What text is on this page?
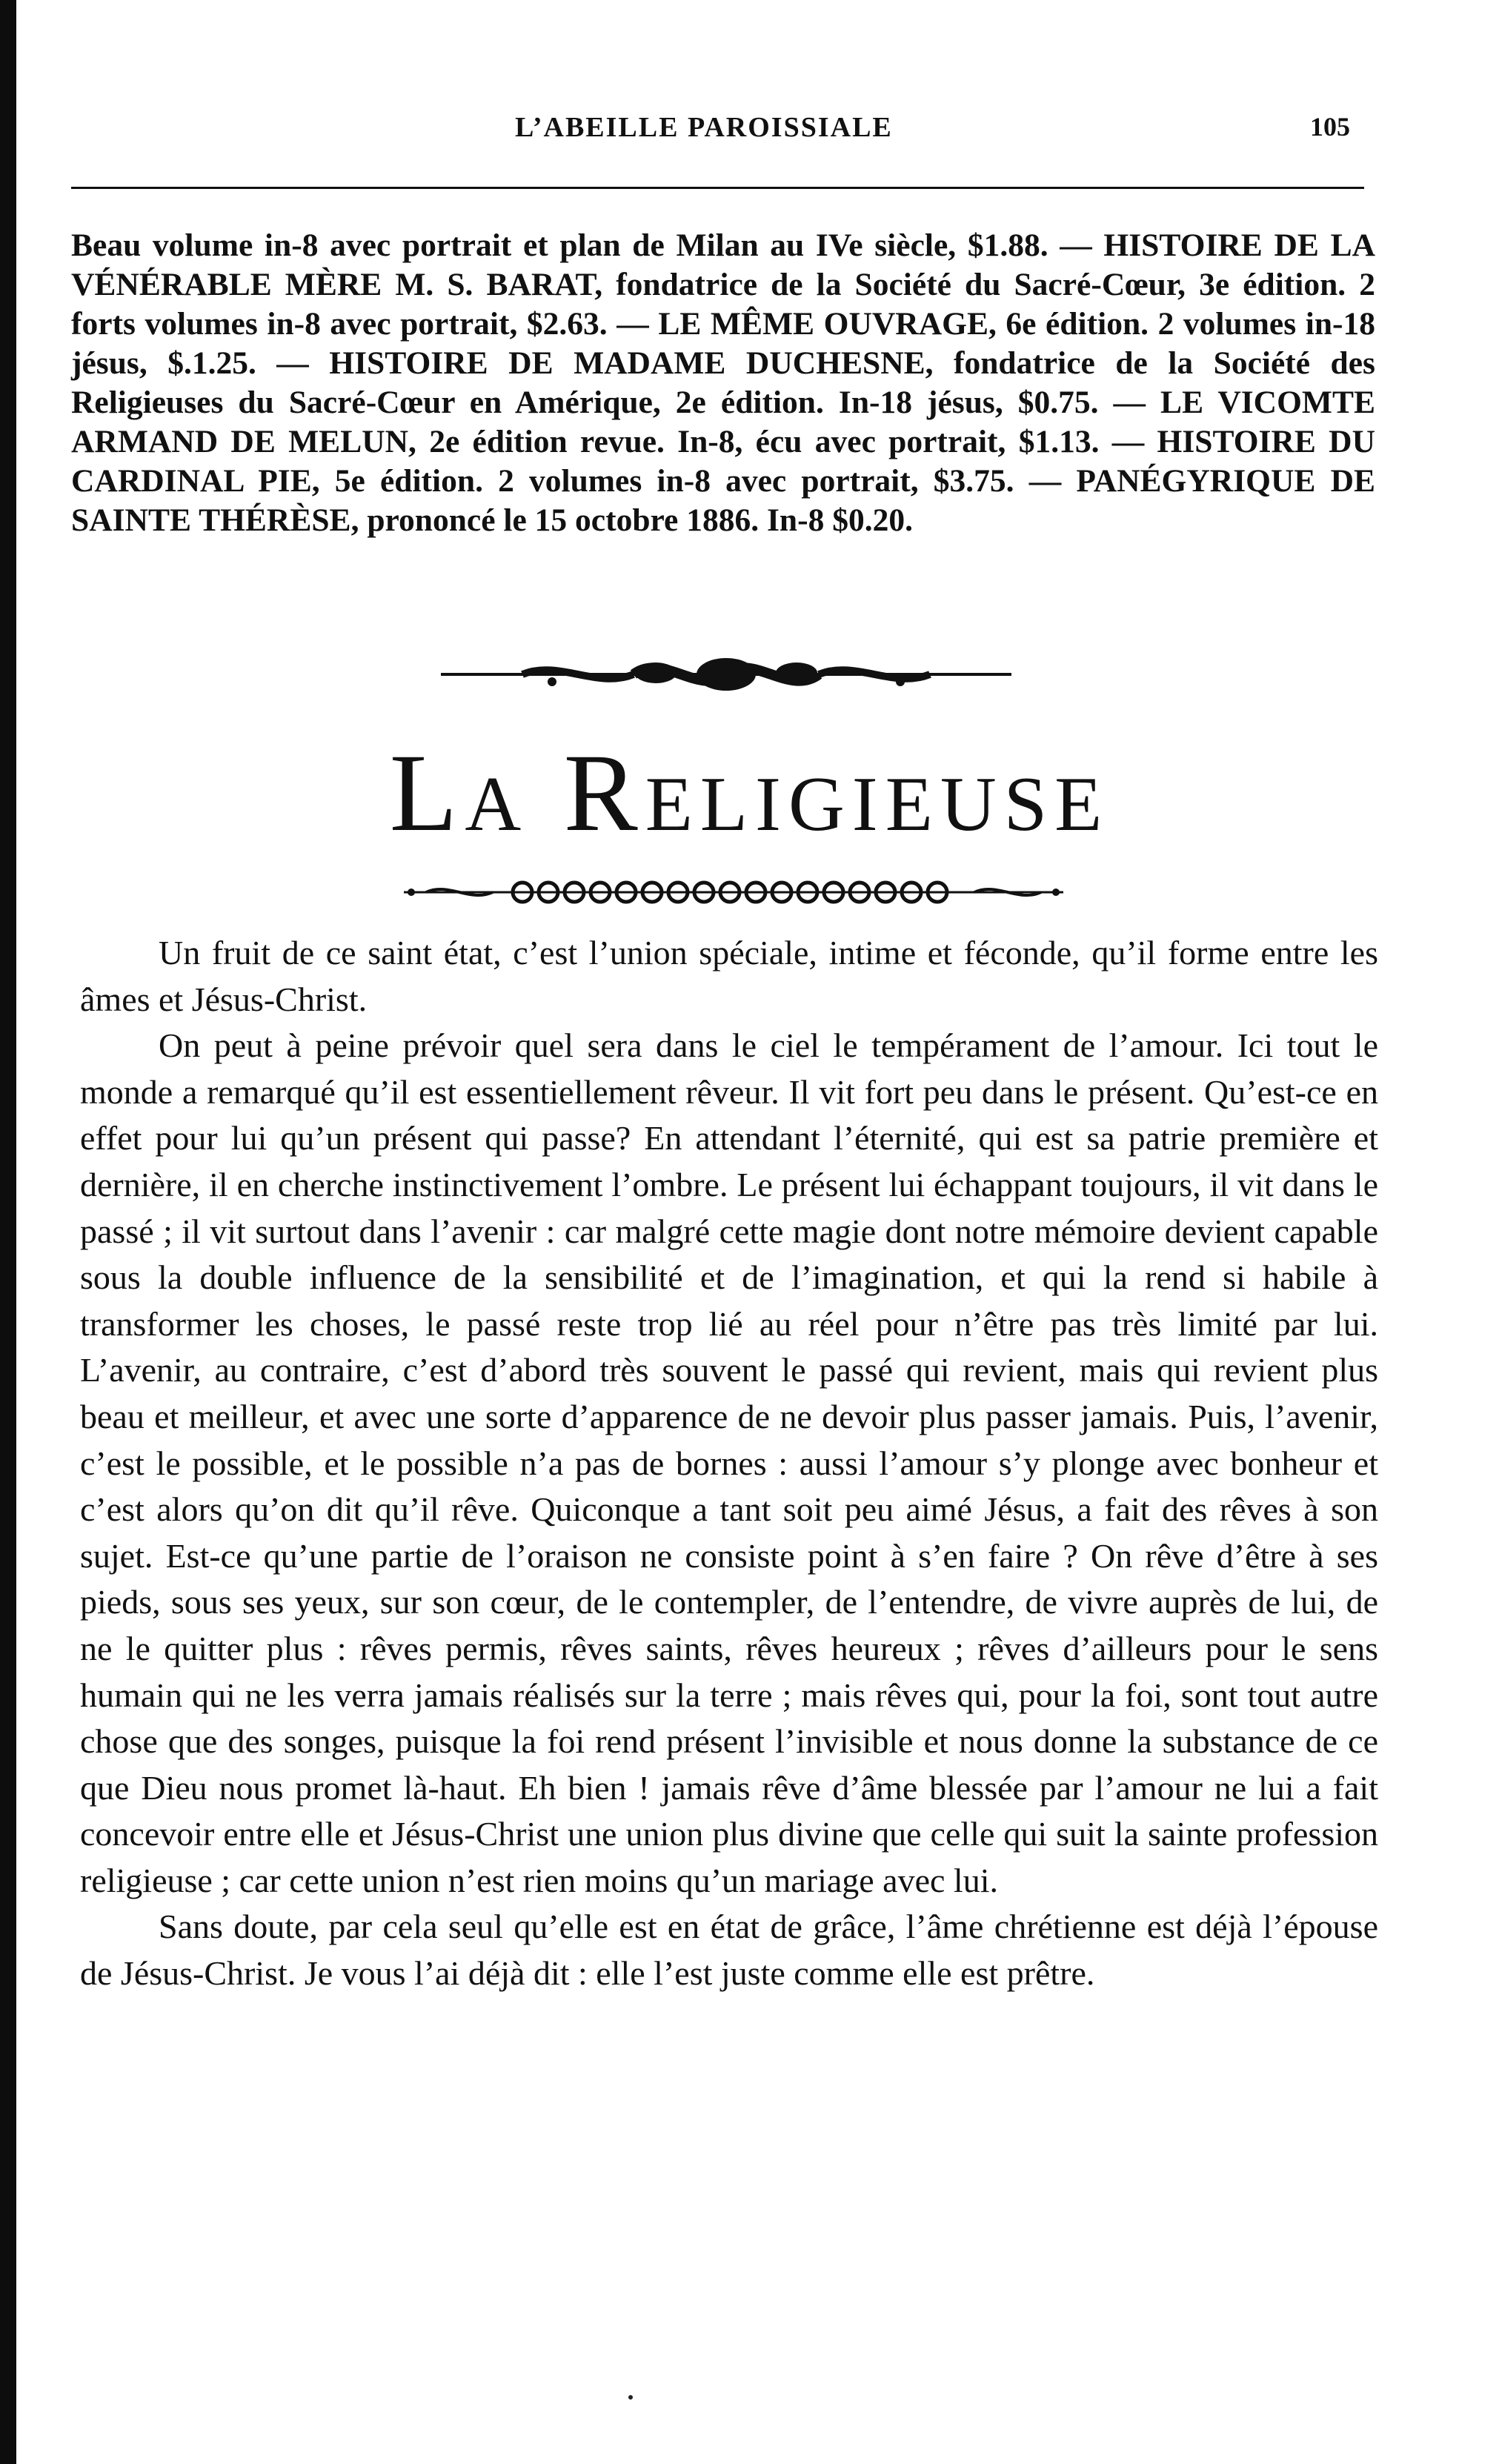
L’ABEILLE PAROISSIALE	105
Beau volume in-8 avec portrait et plan de Milan au IVe siècle, $1.88. — HISTOIRE DE LA VÉNÉRABLE MÈRE M. S. BARAT, fondatrice de la Société du Sacré-Cœur, 3e édition. 2 forts volumes in-8 avec portrait, $2.63. — LE MÊME OUVRAGE, 6e édition. 2 volumes in-18 jésus, $.1.25. — HISTOIRE DE MADAME DUCHESNE, fondatrice de la Société des Religieuses du Sacré-Cœur en Amérique, 2e édition. In-18 jésus, $0.75. — LE VICOMTE ARMAND DE MELUN, 2e édition revue. In-8, écu avec portrait, $1.13. — HISTOIRE DU CARDINAL PIE, 5e édition. 2 volumes in-8 avec portrait, $3.75. — PANÉGYRIQUE DE SAINTE THÉRÈSE, prononcé le 15 octobre 1886. In-8 $0.20.
La Religieuse

Un fruit de ce saint état, c’est l’union spéciale, intime et féconde, qu’il forme entre les âmes et Jésus-Christ.

On peut à peine prévoir quel sera dans le ciel le tempérament de l’amour. Ici tout le monde a remarqué qu’il est essentiellement rêveur. Il vit fort peu dans le présent. Qu’est-ce en effet pour lui qu’un présent qui passe? En attendant l’éternité, qui est sa patrie première et dernière, il en cherche instinctivement l’ombre. Le présent lui échappant toujours, il vit dans le passé ; il vit surtout dans l’avenir : car malgré cette magie dont notre mémoire devient capable sous la double influence de la sensibilité et de l’imagination, et qui la rend si habile à transformer les choses, le passé reste trop lié au réel pour n’être pas très limité par lui. L’avenir, au contraire, c’est d’abord très souvent le passé qui revient, mais qui revient plus beau et meilleur, et avec une sorte d’apparence de ne devoir plus passer jamais. Puis, l’avenir, c’est le possible, et le possible n’a pas de bornes : aussi l’amour s’y plonge avec bonheur et c’est alors qu’on dit qu’il rêve. Quiconque a tant soit peu aimé Jésus, a fait des rêves à son sujet. Est-ce qu’une partie de l’oraison ne consiste point à s’en faire ? On rêve d’être à ses pieds, sous ses yeux, sur son cœur, de le contempler, de l’entendre, de vivre auprès de lui, de ne le quitter plus : rêves permis, rêves saints, rêves heureux ; rêves d’ailleurs pour le sens humain qui ne les verra jamais réalisés sur la terre ; mais rêves qui, pour la foi, sont tout autre chose que des songes, puisque la foi rend présent l’invisible et nous donne la substance de ce que Dieu nous promet là-haut. Eh bien ! jamais rêve d’âme blessée par l’amour ne lui a fait concevoir entre elle et Jésus-Christ une union plus divine que celle qui suit la sainte profession religieuse ; car cette union n’est rien moins qu’un mariage avec lui.

Sans doute, par cela seul qu’elle est en état de grâce, l’âme chrétienne est déjà l’épouse de Jésus-Christ. Je vous l’ai déjà dit : elle l’est juste comme elle est prêtre.
